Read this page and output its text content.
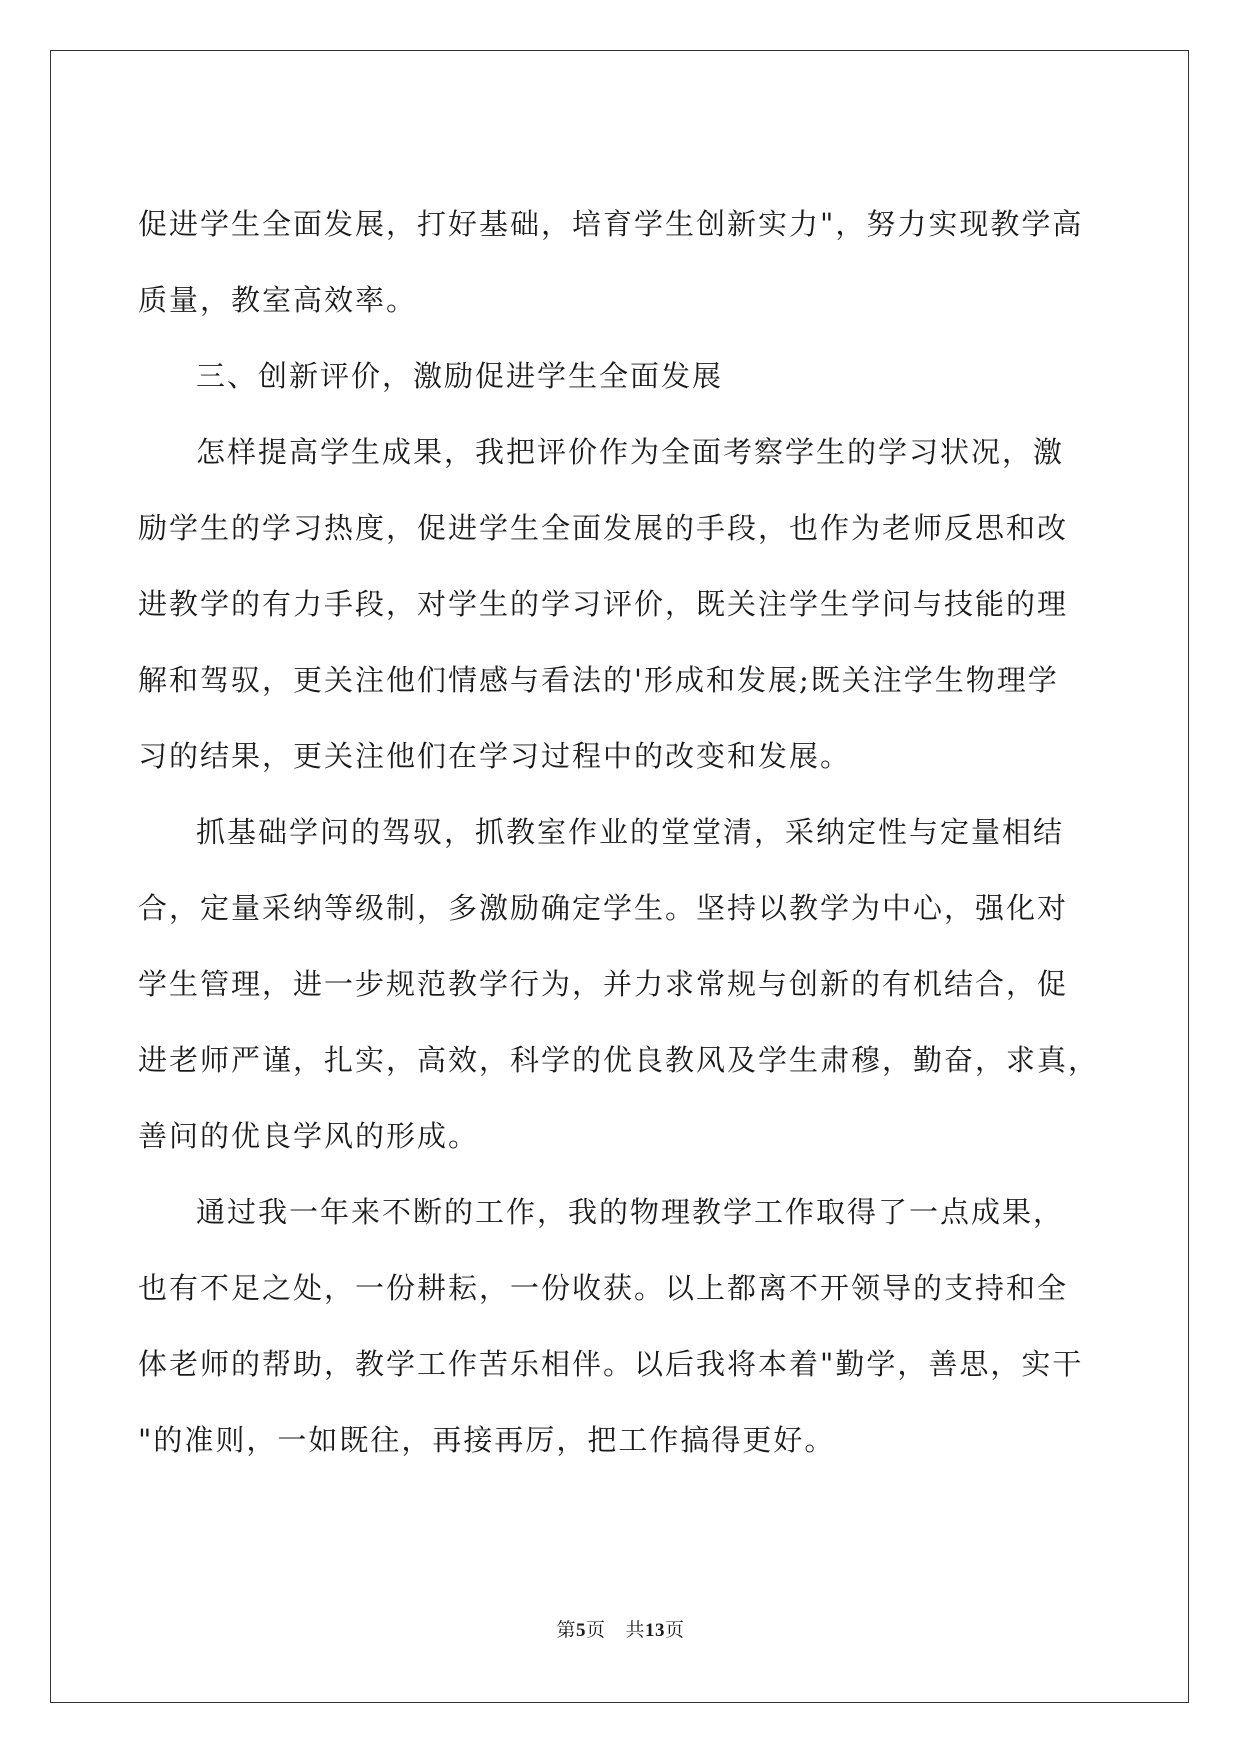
促进学生全面发展，打好基础，培育学生创新实力"，努力实现教学高
质量，教室高效率。
三、创新评价，激励促进学生全面发展
怎样提高学生成果，我把评价作为全面考察学生的学习状况，激
励学生的学习热度，促进学生全面发展的手段，也作为老师反思和改
进教学的有力手段，对学生的学习评价，既关注学生学问与技能的理
解和驾驭，更关注他们情感与看法的'形成和发展;既关注学生物理学
习的结果，更关注他们在学习过程中的改变和发展。
抓基础学问的驾驭，抓教室作业的堂堂清，采纳定性与定量相结
合，定量采纳等级制，多激励确定学生。坚持以教学为中心，强化对
学生管理，进一步规范教学行为，并力求常规与创新的有机结合，促
进老师严谨，扎实，高效，科学的优良教风及学生肃穆，勤奋，求真，
善问的优良学风的形成。
通过我一年来不断的工作，我的物理教学工作取得了一点成果，
也有不足之处，一份耕耘，一份收获。以上都离不开领导的支持和全
体老师的帮助，教学工作苦乐相伴。以后我将本着"勤学，善思，实干
"的准则，一如既往，再接再厉，把工作搞得更好。
第5页 共13页
